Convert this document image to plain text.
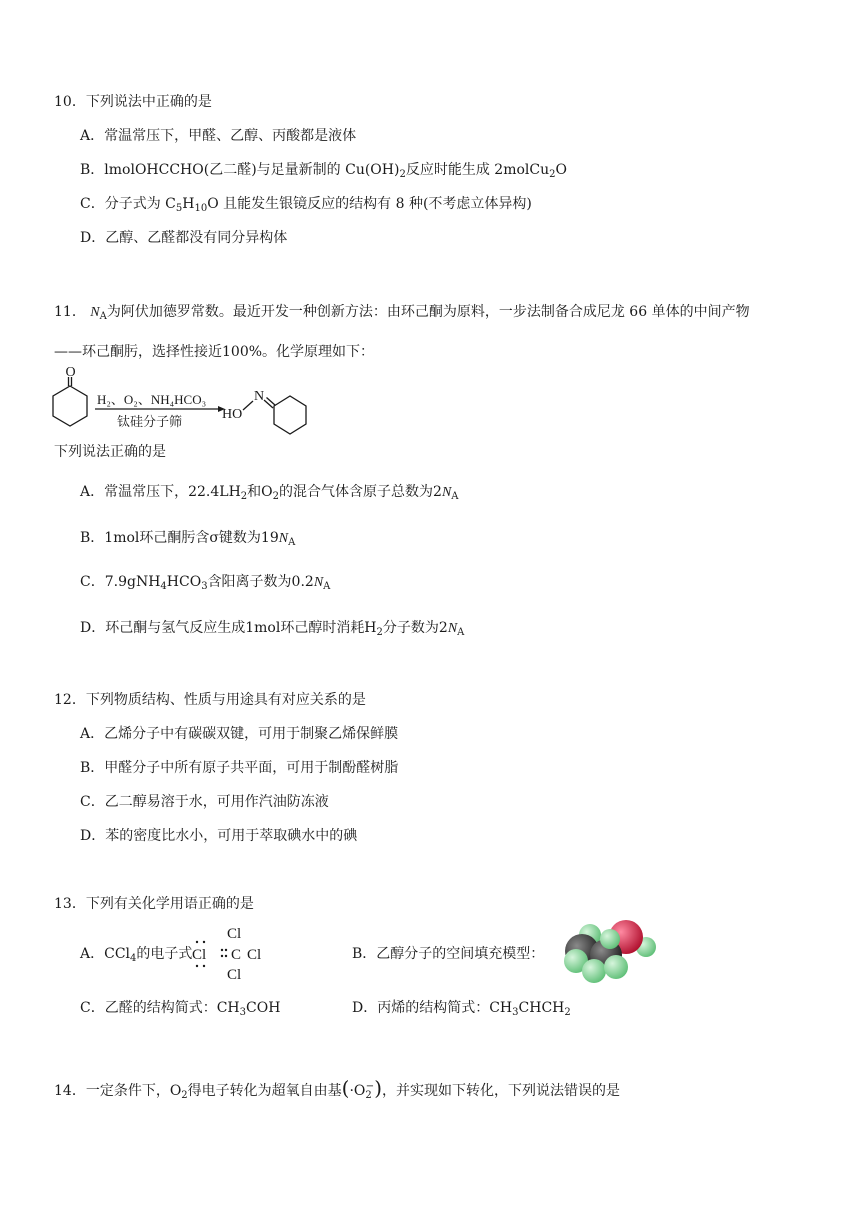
10．下列说法中正确的是
A．常温常压下，甲醛、乙醇、丙酸都是液体
B．lmolOHCCHO(乙二醛)与足量新制的 $Cu(OH)_2$反应时能生成 2molCu$_2$O
C．分子式为 $C_5H_{10}O$ 且能发生银镜反应的结构有 8 种(不考虑立体异构)
D．乙醇、乙醛都没有同分异构体
11． $N_A$为阿伏加德罗常数。最近开发一种创新方法：由环己酮为原料，一步法制备合成尼龙 66 单体的中间产物
——环己酮肟，选择性接近100%。化学原理如下：
O
H₂、O₂、NH₄HCO₃
钛硅分子筛
HO
N
下列说法正确的是
A．常温常压下，$22.4LH_2$和$O_2$的混合气体含原子总数为$2N_A$
B．1mol环己酮肟含σ键数为$19N_A$
C．$7.9gNH_4HCO_3$含阳离子数为$0.2N_A$
D．环己酮与氢气反应生成1mol环己醇时消耗$H_2$分子数为$2N_A$
12．下列物质结构、性质与用途具有对应关系的是
A．乙烯分子中有碳碳双键，可用于制聚乙烯保鲜膜
B．甲醛分子中所有原子共平面，可用于制酚醛树脂
C．乙二醇易溶于水，可用作汽油防冻液
D．苯的密度比水小，可用于萃取碘水中的碘
13．下列有关化学用语正确的是
A．CCl$_4$的电子式
Cl
Cl C Cl
Cl
B．乙醇分子的空间填充模型：
C．乙醛的结构简式：$CH_3COH$	D．丙烯的结构简式：$CH_3CHCH_2$
14．一定条件下，$O_2$得电子转化为超氧自由基$(\cdot O_2^-)$，并实现如下转化，下列说法错误的是
